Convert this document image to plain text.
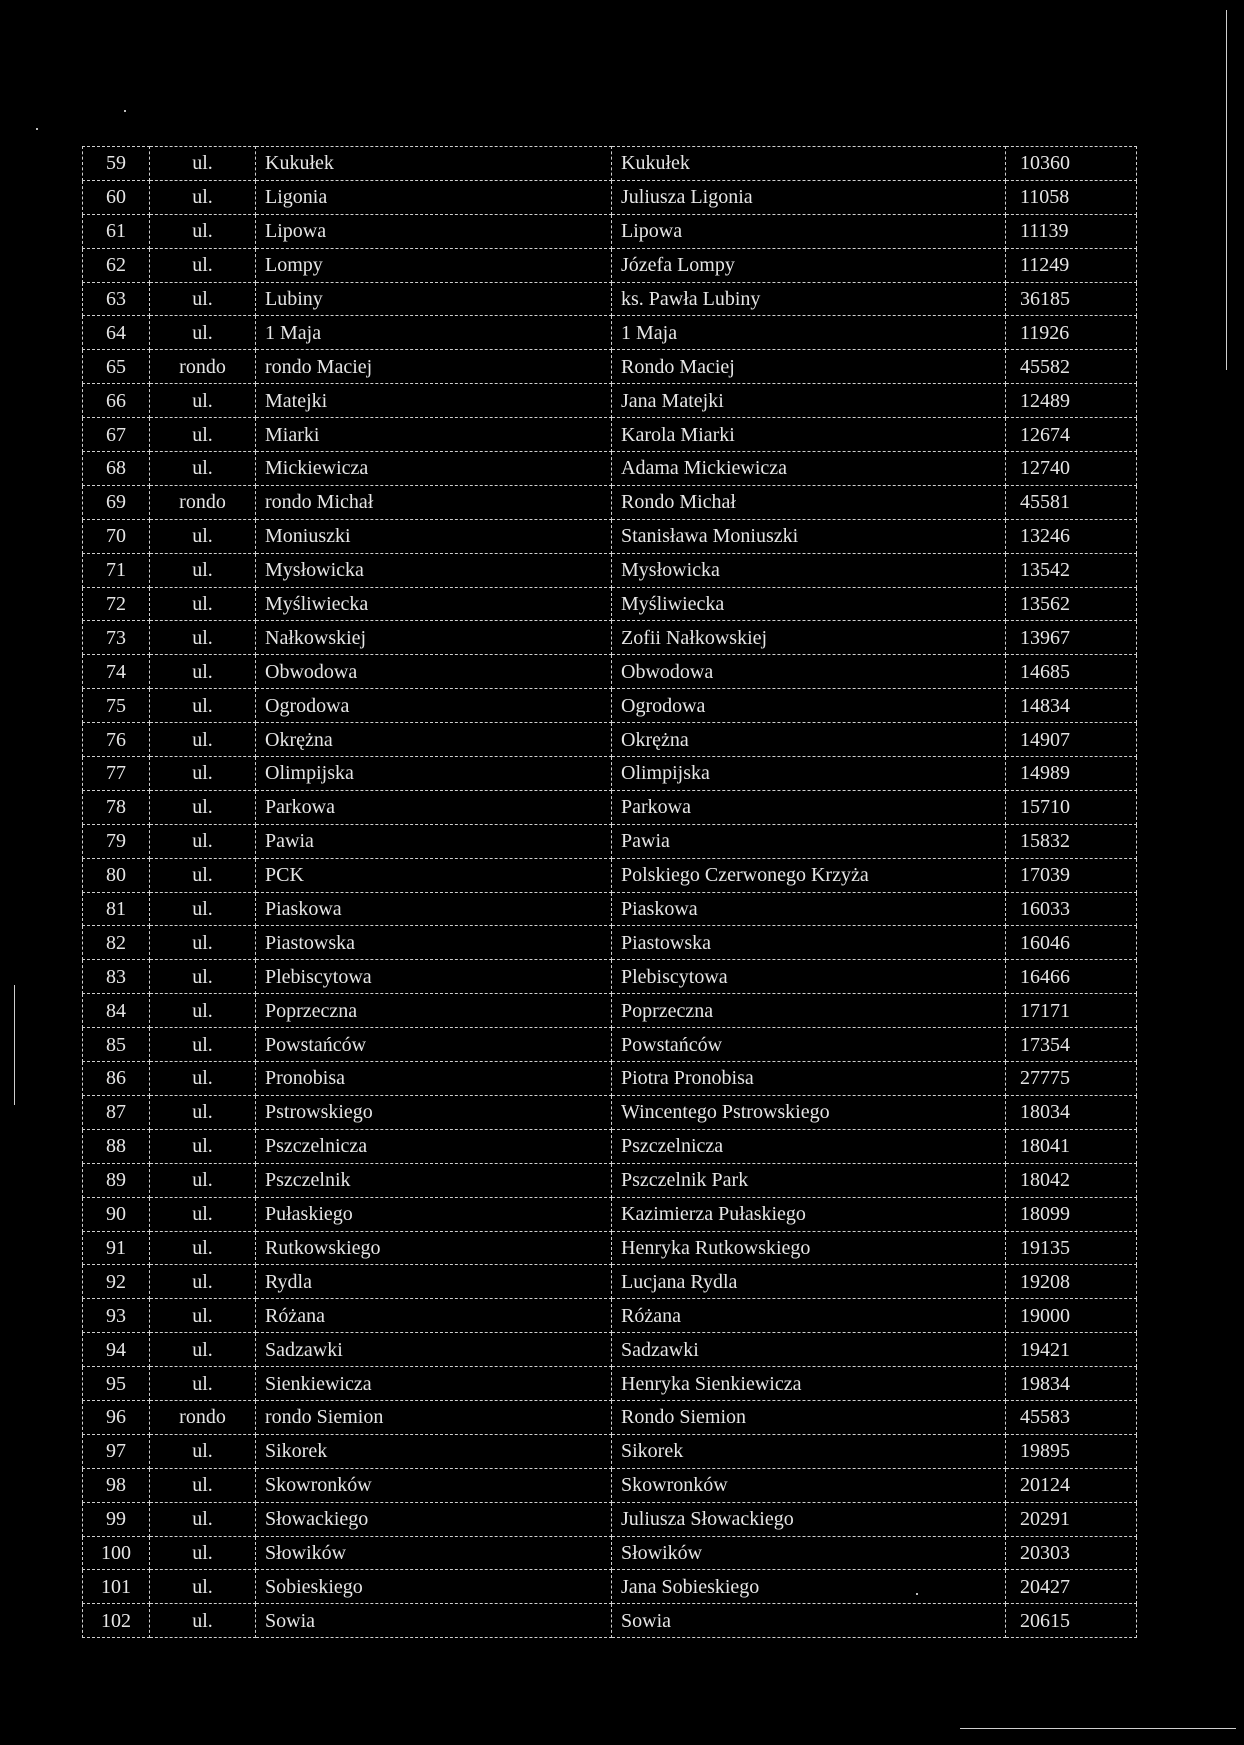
59	ul.	Kukułek	Kukułek	10360
60	ul.	Ligonia	Juliusza Ligonia	11058
61	ul.	Lipowa	Lipowa	11139
62	ul.	Lompy	Józefa Lompy	11249
63	ul.	Lubiny	ks. Pawła Lubiny	36185
64	ul.	1 Maja	1 Maja	11926
65	rondo	rondo Maciej	Rondo Maciej	45582
66	ul.	Matejki	Jana Matejki	12489
67	ul.	Miarki	Karola Miarki	12674
68	ul.	Mickiewicza	Adama Mickiewicza	12740
69	rondo	rondo Michał	Rondo Michał	45581
70	ul.	Moniuszki	Stanisława Moniuszki	13246
71	ul.	Mysłowicka	Mysłowicka	13542
72	ul.	Myśliwiecka	Myśliwiecka	13562
73	ul.	Nałkowskiej	Zofii Nałkowskiej	13967
74	ul.	Obwodowa	Obwodowa	14685
75	ul.	Ogrodowa	Ogrodowa	14834
76	ul.	Okrężna	Okrężna	14907
77	ul.	Olimpijska	Olimpijska	14989
78	ul.	Parkowa	Parkowa	15710
79	ul.	Pawia	Pawia	15832
80	ul.	PCK	Polskiego Czerwonego Krzyża	17039
81	ul.	Piaskowa	Piaskowa	16033
82	ul.	Piastowska	Piastowska	16046
83	ul.	Plebiscytowa	Plebiscytowa	16466
84	ul.	Poprzeczna	Poprzeczna	17171
85	ul.	Powstańców	Powstańców	17354
86	ul.	Pronobisa	Piotra Pronobisa	27775
87	ul.	Pstrowskiego	Wincentego Pstrowskiego	18034
88	ul.	Pszczelnicza	Pszczelnicza	18041
89	ul.	Pszczelnik	Pszczelnik Park	18042
90	ul.	Pułaskiego	Kazimierza Pułaskiego	18099
91	ul.	Rutkowskiego	Henryka Rutkowskiego	19135
92	ul.	Rydla	Lucjana Rydla	19208
93	ul.	Różana	Różana	19000
94	ul.	Sadzawki	Sadzawki	19421
95	ul.	Sienkiewicza	Henryka Sienkiewicza	19834
96	rondo	rondo Siemion	Rondo Siemion	45583
97	ul.	Sikorek	Sikorek	19895
98	ul.	Skowronków	Skowronków	20124
99	ul.	Słowackiego	Juliusza Słowackiego	20291
100	ul.	Słowików	Słowików	20303
101	ul.	Sobieskiego	Jana Sobieskiego	20427
102	ul.	Sowia	Sowia	20615
